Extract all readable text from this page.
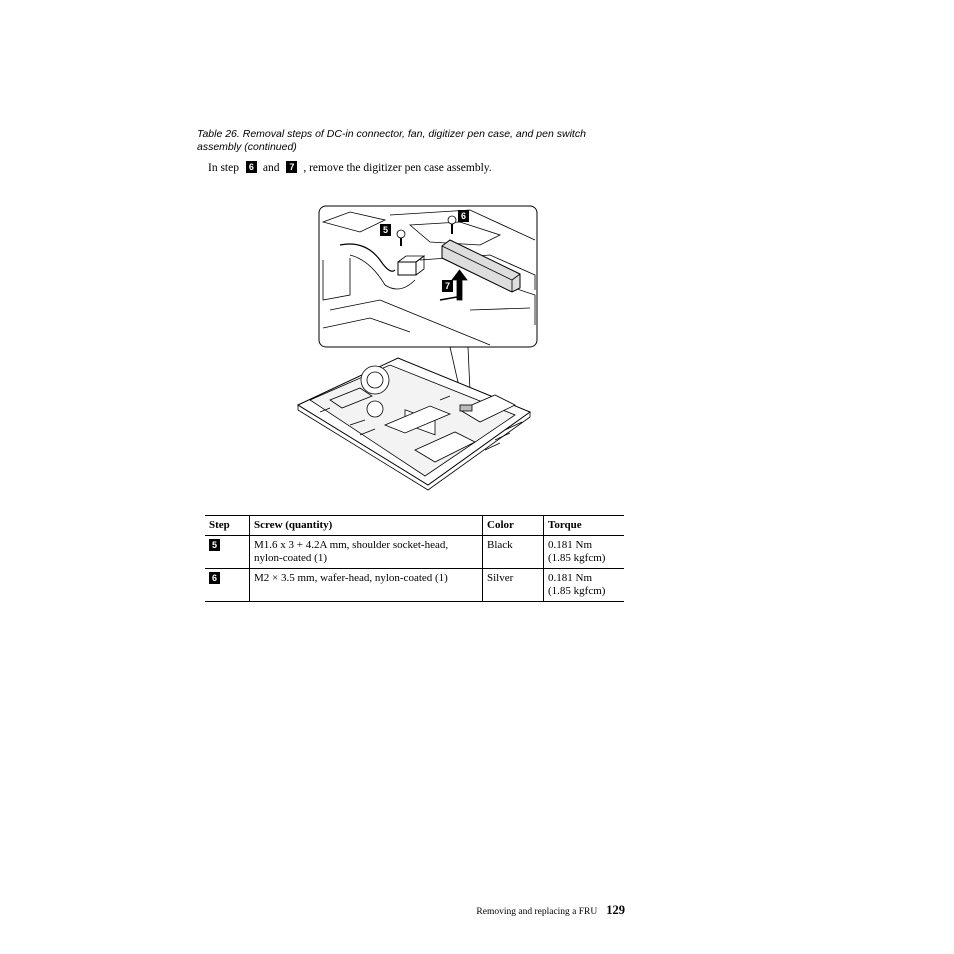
Table 26. Removal steps of DC-in connector, fan, digitizer pen case, and pen switch assembly (continued)
In step 6 and 7 , remove the digitizer pen case assembly.
5
6
7
Step	Screw (quantity)	Color	Torque
5	M1.6 x 3 + 4.2A mm, shoulder socket-head, nylon-coated (1)	Black	0.181 Nm
(1.85 kgfcm)

6	M2 × 3.5 mm, wafer-head, nylon-coated (1)	Silver	0.181 Nm
(1.85 kgfcm)
Removing and replacing a FRU 129
